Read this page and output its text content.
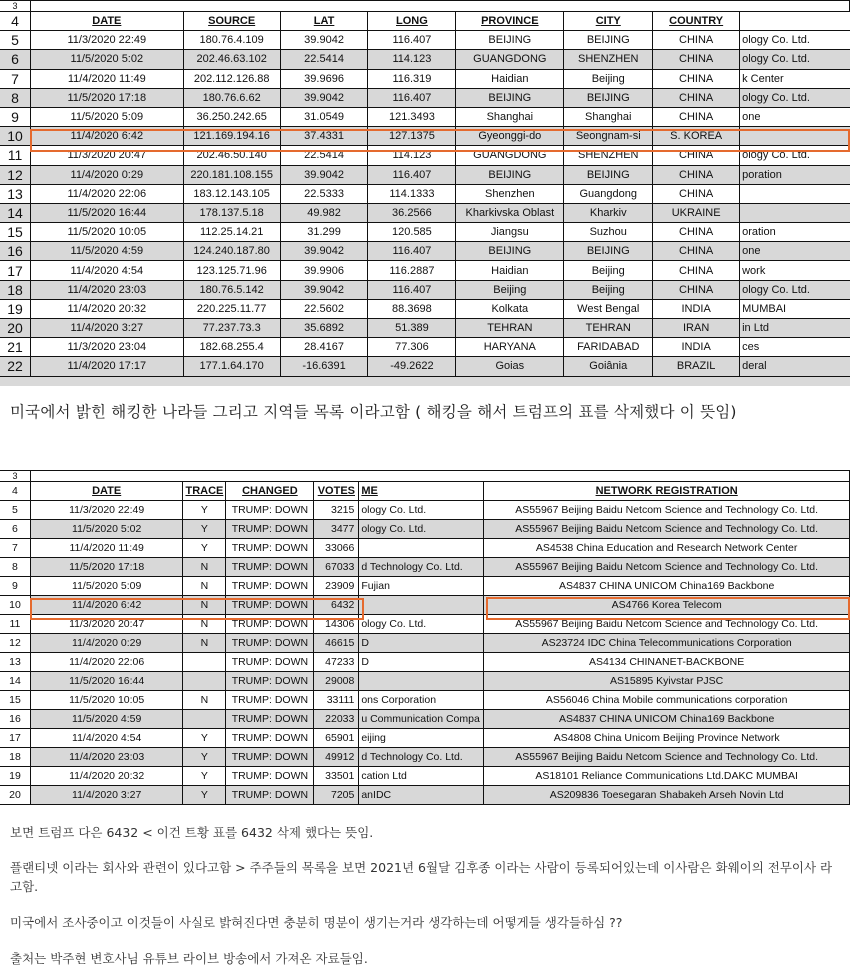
3								
4	DATE	SOURCE	LAT	LONG	PROVINCE	CITY	COUNTRY	
5	11/3/2020 22:49	180.76.4.109	39.9042	116.407	BEIJING	BEIJING	CHINA	ology Co. Ltd.
6	11/5/2020 5:02	202.46.63.102	22.5414	114.123	GUANGDONG	SHENZHEN	CHINA	ology Co. Ltd.
7	11/4/2020 11:49	202.112.126.88	39.9696	116.319	Haidian	Beijing	CHINA	k Center
8	11/5/2020 17:18	180.76.6.62	39.9042	116.407	BEIJING	BEIJING	CHINA	ology Co. Ltd.
9	11/5/2020 5:09	36.250.242.65	31.0549	121.3493	Shanghai	Shanghai	CHINA	one
10	11/4/2020 6:42	121.169.194.16	37.4331	127.1375	Gyeonggi-do	Seongnam-si	S. KOREA	
11	11/3/2020 20:47	202.46.50.140	22.5414	114.123	GUANGDONG	SHENZHEN	CHINA	ology Co. Ltd.
12	11/4/2020 0:29	220.181.108.155	39.9042	116.407	BEIJING	BEIJING	CHINA	poration
13	11/4/2020 22:06	183.12.143.105	22.5333	114.1333	Shenzhen	Guangdong	CHINA	
14	11/5/2020 16:44	178.137.5.18	49.982	36.2566	Kharkivska Oblast	Kharkiv	UKRAINE	
15	11/5/2020 10:05	112.25.14.21	31.299	120.585	Jiangsu	Suzhou	CHINA	oration
16	11/5/2020 4:59	124.240.187.80	39.9042	116.407	BEIJING	BEIJING	CHINA	one
17	11/4/2020 4:54	123.125.71.96	39.9906	116.2887	Haidian	Beijing	CHINA	work
18	11/4/2020 23:03	180.76.5.142	39.9042	116.407	Beijing	Beijing	CHINA	ology Co. Ltd.
19	11/4/2020 20:32	220.225.11.77	22.5602	88.3698	Kolkata	West Bengal	INDIA	MUMBAI
20	11/4/2020 3:27	77.237.73.3	35.6892	51.389	TEHRAN	TEHRAN	IRAN	in Ltd
21	11/3/2020 23:04	182.68.255.4	28.4167	77.306	HARYANA	FARIDABAD	INDIA	ces
22	11/4/2020 17:17	177.1.64.170	-16.6391	-49.2622	Goias	Goiânia	BRAZIL	deral
미국에서 밝힌 해킹한 나라들 그리고 지역들 목록 이라고함 ( 해킹을 해서 트럼프의 표를 삭제했다 이 뜻임)
3						
4	DATE	TRACE	CHANGED	VOTES	ME	NETWORK REGISTRATION
5	11/3/2020 22:49	Y	TRUMP: DOWN	3215	ology Co. Ltd.	AS55967 Beijing Baidu Netcom Science and Technology Co. Ltd.
6	11/5/2020 5:02	Y	TRUMP: DOWN	3477	ology Co. Ltd.	AS55967 Beijing Baidu Netcom Science and Technology Co. Ltd.
7	11/4/2020 11:49	Y	TRUMP: DOWN	33066		AS4538 China Education and Research Network Center
8	11/5/2020 17:18	N	TRUMP: DOWN	67033	d Technology Co. Ltd.	AS55967 Beijing Baidu Netcom Science and Technology Co. Ltd.
9	11/5/2020 5:09	N	TRUMP: DOWN	23909	Fujian	AS4837 CHINA UNICOM China169 Backbone
10	11/4/2020 6:42	N	TRUMP: DOWN	6432		AS4766 Korea Telecom
11	11/3/2020 20:47	N	TRUMP: DOWN	14306	ology Co. Ltd.	AS55967 Beijing Baidu Netcom Science and Technology Co. Ltd.
12	11/4/2020 0:29	N	TRUMP: DOWN	46615	D	AS23724 IDC China Telecommunications Corporation
13	11/4/2020 22:06		TRUMP: DOWN	47233	D	AS4134 CHINANET-BACKBONE
14	11/5/2020 16:44		TRUMP: DOWN	29008		AS15895 Kyivstar PJSC
15	11/5/2020 10:05	N	TRUMP: DOWN	33111	ons Corporation	AS56046 China Mobile communications corporation
16	11/5/2020 4:59		TRUMP: DOWN	22033	u Communication Compa	AS4837 CHINA UNICOM China169 Backbone
17	11/4/2020 4:54	Y	TRUMP: DOWN	65901	eijing	AS4808 China Unicom Beijing Province Network
18	11/4/2020 23:03	Y	TRUMP: DOWN	49912	d Technology Co. Ltd.	AS55967 Beijing Baidu Netcom Science and Technology Co. Ltd.
19	11/4/2020 20:32	Y	TRUMP: DOWN	33501	cation Ltd	AS18101 Reliance Communications Ltd.DAKC MUMBAI
20	11/4/2020 3:27	Y	TRUMP: DOWN	7205	anIDC	AS209836 Toesegaran Shabakeh Arseh Novin Ltd
보면 트럼프 다은 6432 < 이건 트황 표를 6432 삭제 했다는 뜻임.
플랜티넷 이라는 회사와 관련이 있다고함 > 주주들의 목록을 보면 2021년 6월달 김후종 이라는 사람이 등록되어있는데 이사람은 화웨이의 전무이사 라고함.
미국에서 조사중이고 이것들이 사실로 밝혀진다면 충분히 명분이 생기는거라 생각하는데 어떻게들 생각들하심 ??
출처는 박주현 변호사님 유튜브 라이브 방송에서 가져온 자료들임.
